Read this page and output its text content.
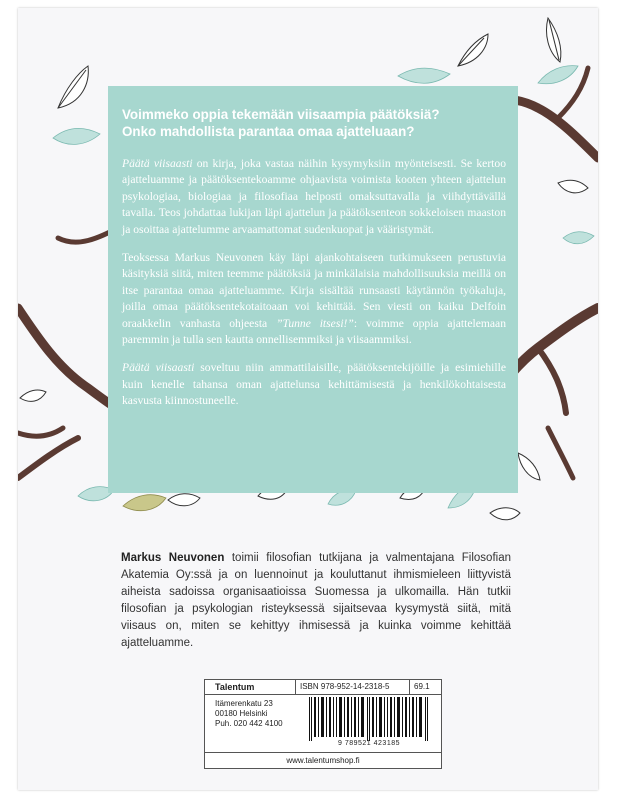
Voimmeko oppia tekemään viisaampia päätöksiä?
Onko mahdollista parantaa omaa ajatteluaan?

Päätä viisaasti on kirja, joka vastaa näihin kysymyksiin myönteisesti. Se kertoo ajatteluamme ja päätöksentekoamme ohjaavista voimista kooten yhteen ajattelun psykologiaa, biologiaa ja filosofiaa helposti omaksuttavalla ja viihdyttävällä tavalla. Teos johdattaa lukijan läpi ajattelun ja päätöksenteon sokkeloisen maaston ja osoittaa ajattelumme arvaamattomat sudenkuopat ja vääristymät.

Teoksessa Markus Neuvonen käy läpi ajankohtaiseen tutkimukseen perustuvia käsityksiä siitä, miten teemme päätöksiä ja minkälaisia mahdollisuuksia meillä on itse parantaa omaa ajatteluamme. Kirja sisältää runsaasti käytännön työkaluja, joilla omaa päätöksentekotaitoaan voi kehittää. Sen viesti on kaiku Delfoin oraakkelin vanhasta ohjeesta ”Tunne itsesi!”: voimme oppia ajattelemaan paremmin ja tulla sen kautta onnellisemmiksi ja viisaammiksi.

Päätä viisaasti soveltuu niin ammattilaisille, päätöksentekijöille ja esimiehille kuin kenelle tahansa oman ajattelunsa kehittämisestä ja henkilökohtaisesta kasvusta kiinnostuneelle.

Markus Neuvonen toimii filosofian tutkijana ja valmentajana Filosofian Akatemia Oy:ssä ja on luennoinut ja kouluttanut ihmismieleen liittyvistä aiheista sadoissa organisaatioissa Suomessa ja ulkomailla. Hän tutkii filosofian ja psykologian risteyksessä sijaitsevaa kysymystä siitä, mitä viisaus on, miten se kehittyy ihmisessä ja kuinka voimme kehittää ajatteluamme.
Talentum	ISBN 978-952-14-2318-5	69.1
Itämerenkatu 23
00180 Helsinki
Puh. 020 442 4100
9 789521 423185
www.talentumshop.fi
